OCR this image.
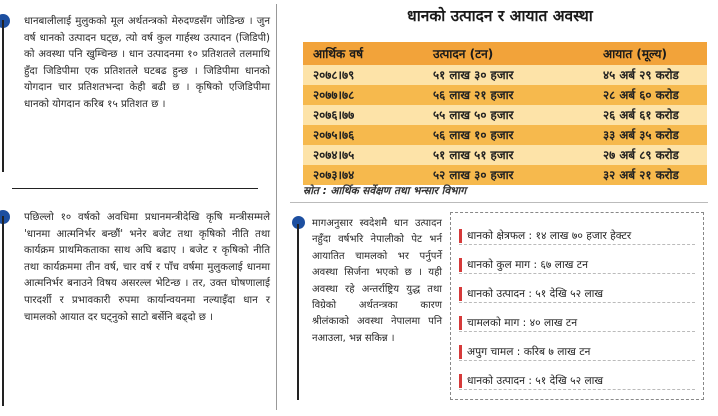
धानबालीलाई मुलुकको मूल अर्थतन्त्रको मेरुदण्डसँग जोडिन्छ । जुन वर्ष धानको उत्पादन घट्छ, त्यो वर्ष कुल गार्हस्थ उत्पादन (जिडिपी) को अवस्था पनि खुम्चिन्छ । धान उत्पादनमा १० प्रतिशतले तलमाथि हुँदा जिडिपीमा एक प्रतिशतले घटबढ हुन्छ । जिडिपीमा धानको योगदान चार प्रतिशतभन्दा केही बढी छ । कृषिको एजिडिपीमा धानको योगदान करिब १५ प्रतिशत छ ।

पछिल्लो १० वर्षको अवधिमा प्रधानमन्त्रीदेखि कृषि मन्त्रीसम्मले 'धानमा आत्मनिर्भर बन्छौं' भनेर बजेट तथा कृषिको नीति तथा कार्यक्रम प्राथमिकताका साथ अघि बढाए । बजेट र कृषिको नीति तथा कार्यक्रममा तीन वर्ष, चार वर्ष र पाँच वर्षमा मुलुकलाई धानमा आत्मनिर्भर बनाउने विषय असरल्ल भेटिन्छ । तर, उक्त घोषणालाई पारदर्शी र प्रभावकारी रुपमा कार्यान्वयनमा नल्याइँदा धान र चामलको आयात दर घट्नुको साटो बर्सेनि बढ्दो छ ।

धानको उत्पादन र आयात अवस्था
आर्थिक वर्ष	उत्पादन (टन)	आयात (मूल्य)
२०७८।७९	५१ लाख ३० हजार	४५ अर्ब २९ करोड
२०७७।७८	५६ लाख २१ हजार	२८ अर्ब ६० करोड
२०७६।७७	५५ लाख ५० हजार	२६ अर्ब ६१ करोड
२०७५।७६	५६ लाख १० हजार	३३ अर्ब ३५ करोड
२०७४।७५	५१ लाख ५१ हजार	२७ अर्ब ८९ करोड
२०७३।७४	५२ लाख ३० हजार	३२ अर्ब २१ करोड
स्रोत : आर्थिक सर्वेक्षण तथा भन्सार विभाग

मागअनुसार स्वदेशमै धान उत्पादन नहुँदा वर्षभरि नेपालीको पेट भर्न आयातित चामलको भर पर्नुपर्ने अवस्था सिर्जना भएको छ । यही अवस्था रहे अन्तर्राष्ट्रिय युद्ध तथा विग्रेको अर्थतन्त्रका कारण श्रीलंकाको अवस्था नेपालमा पनि नआउला, भन्न सकिन्न ।

धानको क्षेत्रफल : १४ लाख ७० हजार हेक्टर
धानको कुल माग : ६७ लाख टन
धानको उत्पादन : ५१ देखि ५२ लाख
चामलको माग : ४० लाख टन
अपुग चामल : करिब ७ लाख टन
धानको उत्पादन : ५१ देखि ५२ लाख
